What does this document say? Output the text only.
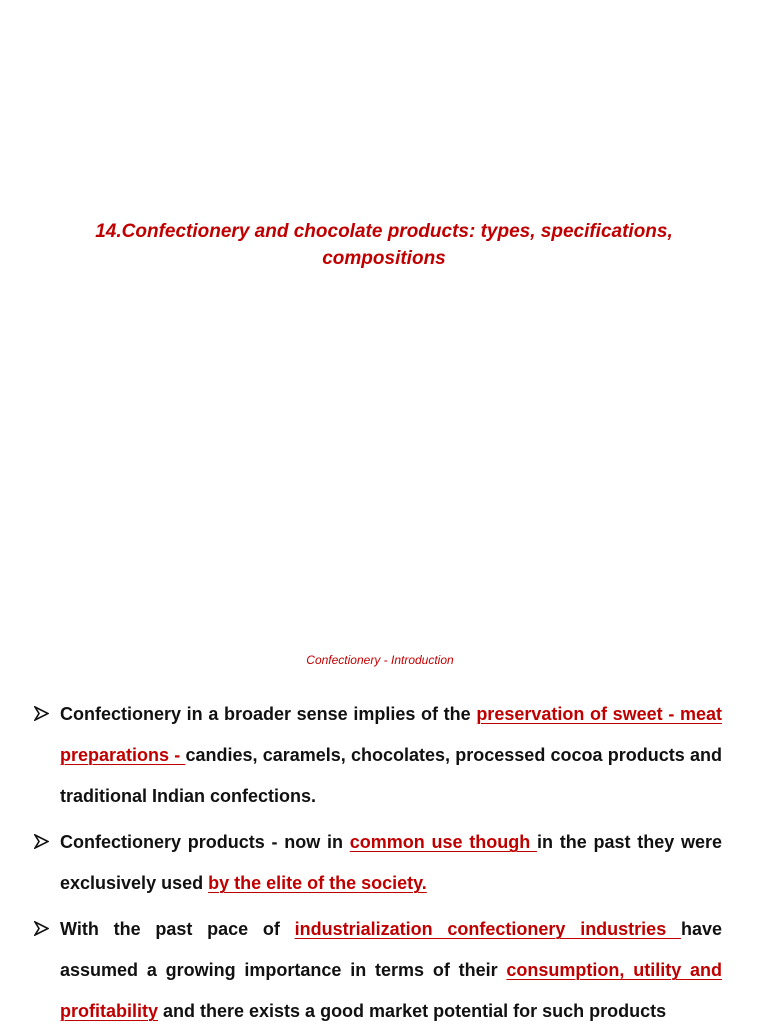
14.Confectionery and chocolate products: types, specifications,
compositions
Confectionery - Introduction
Confectionery in a broader sense implies of the preservation of sweet - meat preparations - candies, caramels, chocolates, processed cocoa products and traditional Indian confections.
Confectionery products - now in common use though in the past they were exclusively used by the elite of the society.
With the past pace of industrialization confectionery industries have assumed a growing importance in terms of their consumption, utility and profitability and there exists a good market potential for such products
